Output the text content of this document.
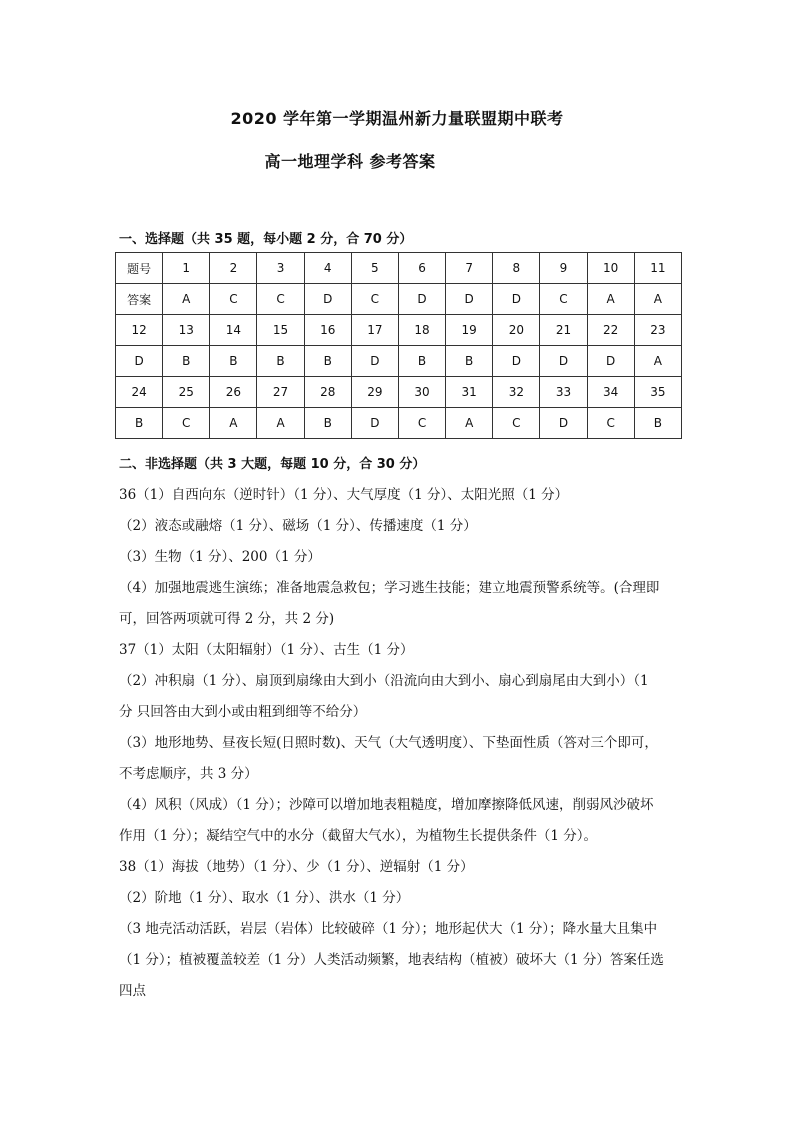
2020 学年第一学期温州新力量联盟期中联考
高一地理学科 参考答案
一、选择题（共 35 题，每小题 2 分，合 70 分）
题号	1	2	3	4	5	6	7	8	9	10	11
答案	A	C	C	D	C	D	D	D	C	A	A
12	13	14	15	16	17	18	19	20	21	22	23
D	B	B	B	B	D	B	B	D	D	D	A
24	25	26	27	28	29	30	31	32	33	34	35
B	C	A	A	B	D	C	A	C	D	C	B
二、非选择题（共 3 大题，每题 10 分，合 30 分）
36（1）自西向东（逆时针）（1 分）、大气厚度（1 分）、太阳光照（1 分）
（2）液态或融熔（1 分）、磁场（1 分）、传播速度（1 分）
（3）生物（1 分）、200（1 分）
（4）加强地震逃生演练；准备地震急救包；学习逃生技能；建立地震预警系统等。(合理即
可，回答两项就可得 2 分，共 2 分)
37（1）太阳（太阳辐射）（1 分）、古生（1 分）
（2）冲积扇（1 分）、扇顶到扇缘由大到小（沿流向由大到小、扇心到扇尾由大到小）（1
分 只回答由大到小或由粗到细等不给分）
（3）地形地势、昼夜长短(日照时数)、天气（大气透明度）、下垫面性质（答对三个即可，
不考虑顺序，共 3 分）
（4）风积（风成）（1 分）；沙障可以增加地表粗糙度，增加摩擦降低风速，削弱风沙破坏
作用（1 分）；凝结空气中的水分（截留大气水），为植物生长提供条件（1 分）。
38（1）海拔（地势）（1 分）、少（1 分）、逆辐射（1 分）
（2）阶地（1 分）、取水（1 分）、洪水（1 分）
（3 地壳活动活跃，岩层（岩体）比较破碎（1 分）；地形起伏大（1 分）；降水量大且集中
（1 分）；植被覆盖较差（1 分）人类活动频繁，地表结构（植被）破坏大（1 分）答案任选
四点
